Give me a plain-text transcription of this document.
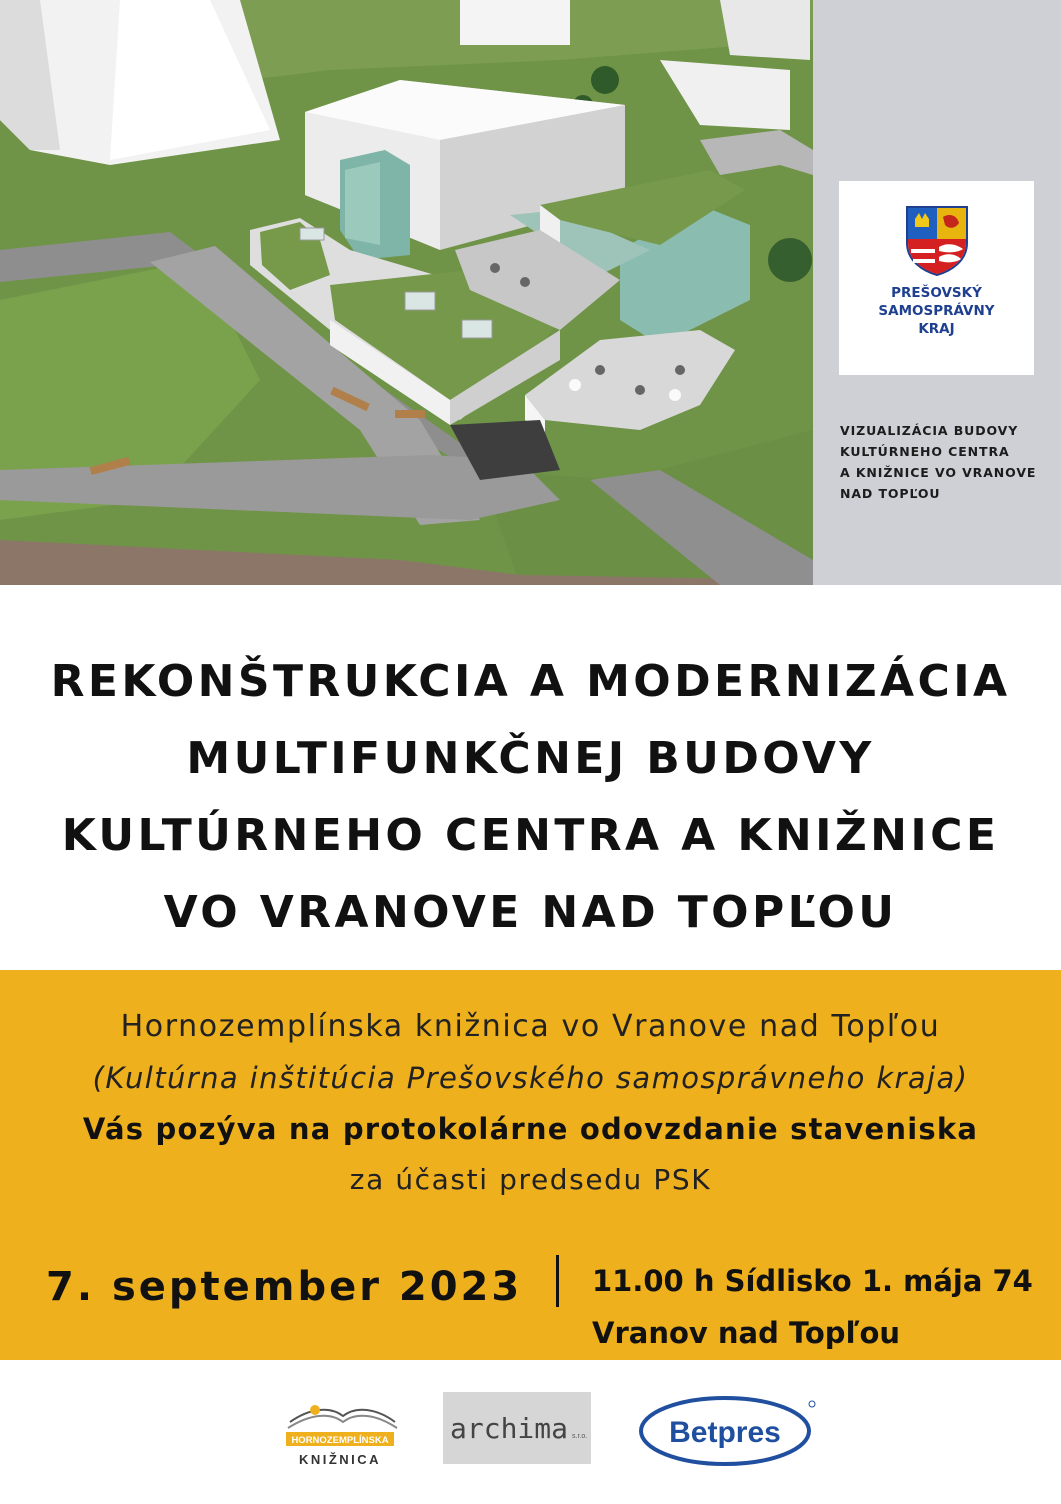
PREŠOVSKÝ
SAMOSPRÁVNY
KRAJ
VIZUALIZÁCIA BUDOVY
KULTÚRNEHO CENTRA
A KNIŽNICE VO VRANOVE
NAD TOPĽOU
REKONŠTRUKCIA A MODERNIZÁCIA
MULTIFUNKČNEJ BUDOVY
KULTÚRNEHO CENTRA A KNIŽNICE
VO VRANOVE NAD TOPĽOU
Hornozemplínska knižnica vo Vranove nad Topľou
(Kultúrna inštitúcia Prešovského samosprávneho kraja)
Vás pozýva na protokolárne odovzdanie staveniska
za účasti predsedu PSK
7. september 2023 11.00 h Sídlisko 1. mája 74
Vranov nad Topľou
HORNOZEMPLÍNSKA
KNIŽNICA
archima s.r.o.	Betpres
